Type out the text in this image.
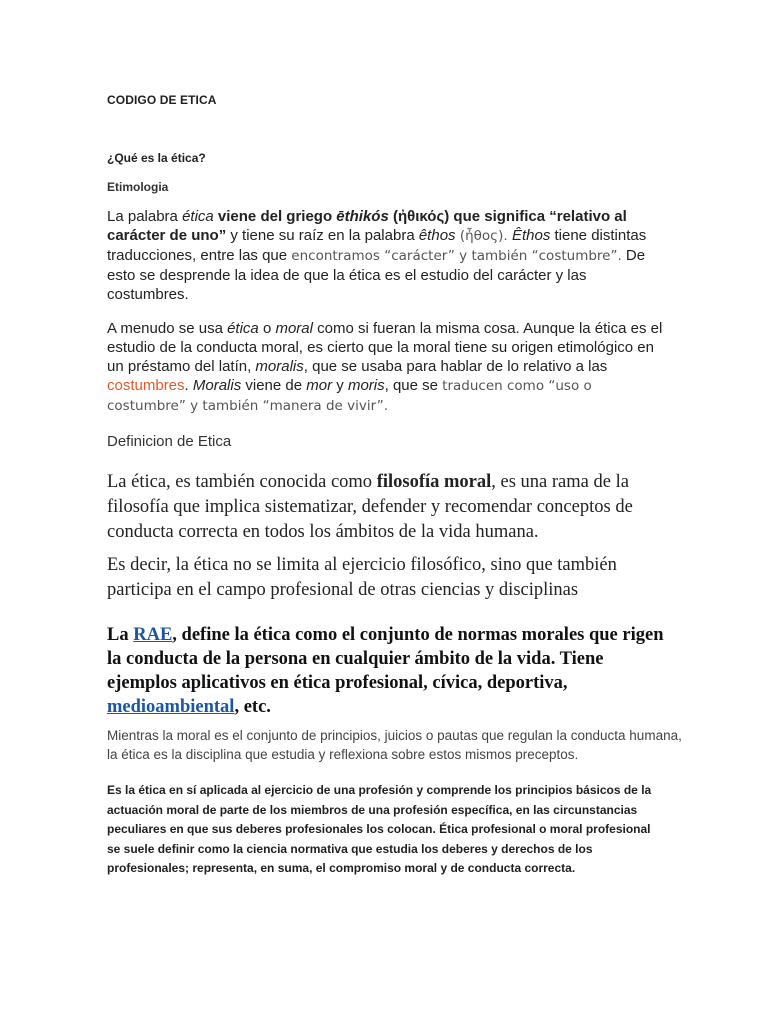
CODIGO DE ETICA

¿Qué es la ética?

Etimologia

La palabra ética viene del griego ēthikós (ἠθικός) que significa “relativo al carácter de uno” y tiene su raíz en la palabra êthos (ἦθος). Êthos tiene distintas traducciones, entre las que encontramos “carácter” y también “costumbre”. De esto se desprende la idea de que la ética es el estudio del carácter y las costumbres.

A menudo se usa ética o moral como si fueran la misma cosa. Aunque la ética es el estudio de la conducta moral, es cierto que la moral tiene su origen etimológico en un préstamo del latín, moralis, que se usaba para hablar de lo relativo a las costumbres. Moralis viene de mor y moris, que se traducen como “uso o costumbre” y también “manera de vivir”.

Definicion de Etica

La ética, es también conocida como filosofía moral, es una rama de la filosofía que implica sistematizar, defender y recomendar conceptos de conducta correcta en todos los ámbitos de la vida humana.

Es decir, la ética no se limita al ejercicio filosófico, sino que también participa en el campo profesional de otras ciencias y disciplinas

La RAE, define la ética como el conjunto de normas morales que rigen la conducta de la persona en cualquier ámbito de la vida. Tiene ejemplos aplicativos en ética profesional, cívica, deportiva, medioambiental, etc.

Mientras la moral es el conjunto de principios, juicios o pautas que regulan la conducta humana, la ética es la disciplina que estudia y reflexiona sobre estos mismos preceptos.

Es la ética en sí aplicada al ejercicio de una profesión y comprende los principios básicos de la actuación moral de parte de los miembros de una profesión específica, en las circunstancias peculiares en que sus deberes profesionales los colocan. Ética profesional o moral profesional se suele definir como la ciencia normativa que estudia los deberes y derechos de los profesionales; representa, en suma, el compromiso moral y de conducta correcta.
